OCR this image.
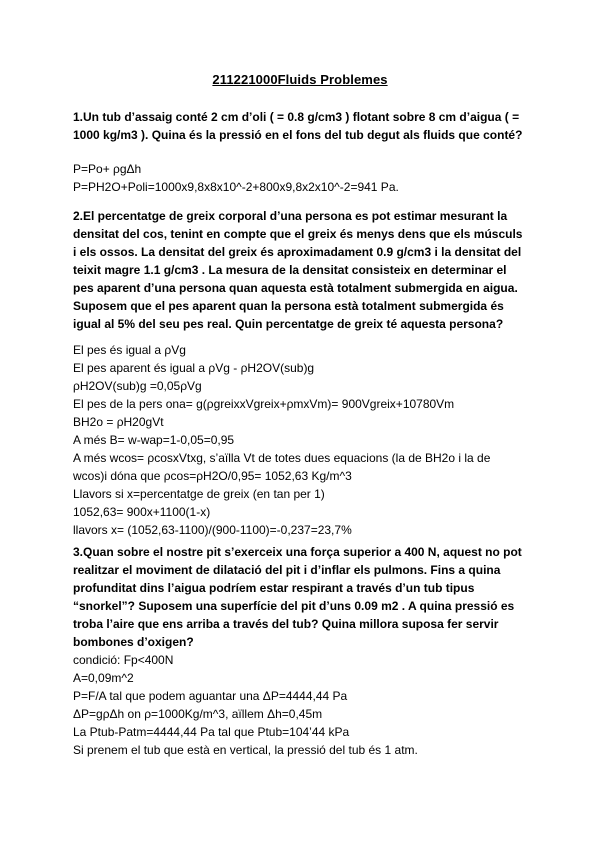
211221000Fluids Problemes
1.Un tub d’assaig conté 2 cm d’oli ( = 0.8 g/cm3 ) flotant sobre 8 cm d’aigua ( =
1000 kg/m3 ). Quina és la pressió en el fons del tub degut als fluids que conté?
P=Po+ ρgΔh
P=PH2O+Poli=1000x9,8x8x10^-2+800x9,8x2x10^-2=941 Pa.
2.El percentatge de greix corporal d’una persona es pot estimar mesurant la
densitat del cos, tenint en compte que el greix és menys dens que els músculs
i els ossos. La densitat del greix és aproximadament 0.9 g/cm3 i la densitat del
teixit magre 1.1 g/cm3 . La mesura de la densitat consisteix en determinar el
pes aparent d’una persona quan aquesta està totalment submergida en aigua.
Suposem que el pes aparent quan la persona està totalment submergida és
igual al 5% del seu pes real. Quin percentatge de greix té aquesta persona?
El pes és igual a ρVg
El pes aparent és igual a ρVg - ρH2OV(sub)g
ρH2OV(sub)g =0,05ρVg
El pes de la pers ona= g(ρgreixxVgreix+ρmxVm)= 900Vgreix+10780Vm
BH2o = ρH20gVt
A més B= w-wap=1-0,05=0,95
A més wcos= ρcosxVtxg, s’aïlla Vt de totes dues equacions (la de BH2o i la de
wcos)i dóna que ρcos=ρH2O/0,95= 1052,63 Kg/m^3
Llavors si x=percentatge de greix (en tan per 1)
1052,63= 900x+1100(1-x)
llavors x= (1052,63-1100)/(900-1100)=-0,237=23,7%
3.Quan sobre el nostre pit s’exerceix una força superior a 400 N, aquest no pot
realitzar el moviment de dilatació del pit i d’inflar els pulmons. Fins a quina
profunditat dins l’aigua podríem estar respirant a través d’un tub tipus
“snorkel”? Suposem una superfície del pit d’uns 0.09 m2 . A quina pressió es
troba l’aire que ens arriba a través del tub? Quina millora suposa fer servir
bombones d’oxigen?
condició: Fp<400N
A=0,09m^2
P=F/A tal que podem aguantar una ΔP=4444,44 Pa
ΔP=gρΔh on ρ=1000Kg/m^3, aïllem Δh=0,45m
La Ptub-Patm=4444,44 Pa tal que Ptub=104’44 kPa
Si prenem el tub que està en vertical, la pressió del tub és 1 atm.
